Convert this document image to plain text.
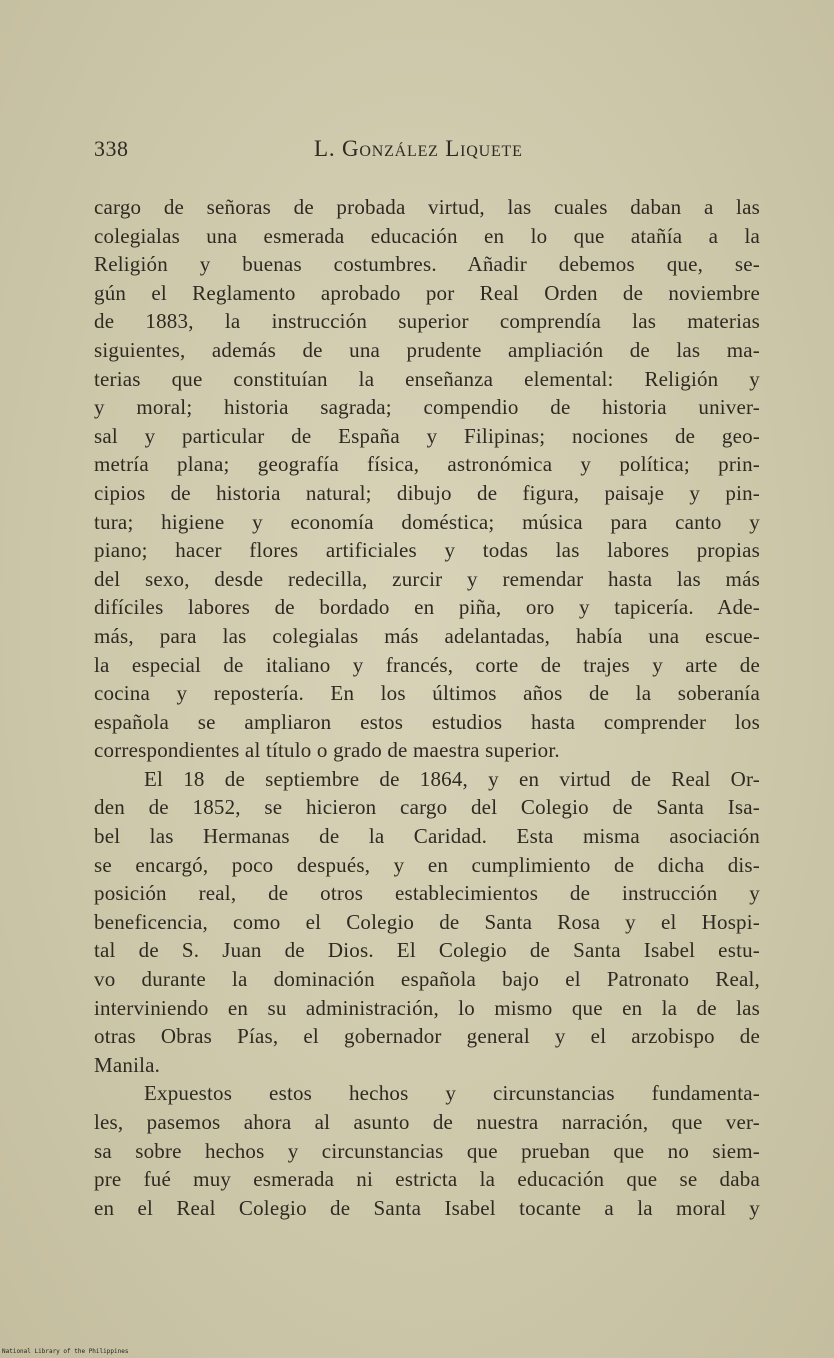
338	L. González Liquete
cargo de señoras de probada virtud, las cuales daban a las
colegialas una esmerada educación en lo que atañía a la
Religión y buenas costumbres. Añadir debemos que, se-
gún el Reglamento aprobado por Real Orden de noviembre
de 1883, la instrucción superior comprendía las materias
siguientes, además de una prudente ampliación de las ma-
terias que constituían la enseñanza elemental: Religión y
y moral; historia sagrada; compendio de historia univer-
sal y particular de España y Filipinas; nociones de geo-
metría plana; geografía física, astronómica y política; prin-
cipios de historia natural; dibujo de figura, paisaje y pin-
tura; higiene y economía doméstica; música para canto y
piano; hacer flores artificiales y todas las labores propias
del sexo, desde redecilla, zurcir y remendar hasta las más
difíciles labores de bordado en piña, oro y tapicería. Ade-
más, para las colegialas más adelantadas, había una escue-
la especial de italiano y francés, corte de trajes y arte de
cocina y repostería. En los últimos años de la soberanía
española se ampliaron estos estudios hasta comprender los
correspondientes al título o grado de maestra superior.
El 18 de septiembre de 1864, y en virtud de Real Or-
den de 1852, se hicieron cargo del Colegio de Santa Isa-
bel las Hermanas de la Caridad. Esta misma asociación
se encargó, poco después, y en cumplimiento de dicha dis-
posición real, de otros establecimientos de instrucción y
beneficencia, como el Colegio de Santa Rosa y el Hospi-
tal de S. Juan de Dios. El Colegio de Santa Isabel estu-
vo durante la dominación española bajo el Patronato Real,
interviniendo en su administración, lo mismo que en la de las
otras Obras Pías, el gobernador general y el arzobispo de
Manila.
Expuestos estos hechos y circunstancias fundamenta-
les, pasemos ahora al asunto de nuestra narración, que ver-
sa sobre hechos y circunstancias que prueban que no siem-
pre fué muy esmerada ni estricta la educación que se daba
en el Real Colegio de Santa Isabel tocante a la moral y
National Library of the Philippines
